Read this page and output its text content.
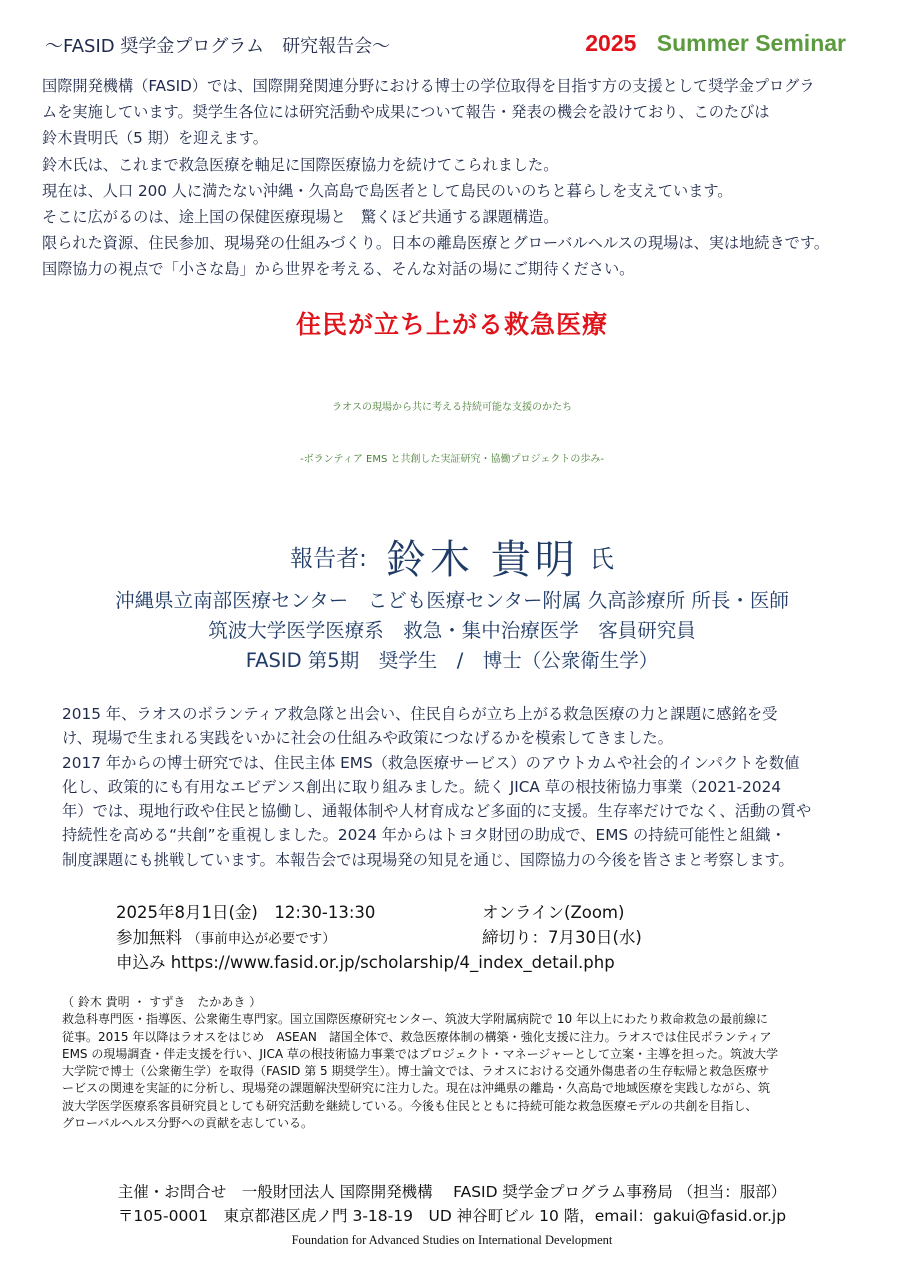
～FASID 奨学金プログラム　研究報告会～	2025 Summer Seminar

国際開発機構（FASID）では、国際開発関連分野における博士の学位取得を目指す方の支援として奨学金プログラ

ムを実施しています。奨学生各位には研究活動や成果について報告・発表の機会を設けており、このたびは

鈴木貴明氏（5 期）を迎えます。

鈴木氏は、これまで救急医療を軸足に国際医療協力を続けてこられました。

現在は、人口 200 人に満たない沖縄・久高島で島医者として島民のいのちと暮らしを支えています。

そこに広がるのは、途上国の保健医療現場と　驚くほど共通する課題構造。

限られた資源、住民参加、現場発の仕組みづくり。日本の離島医療とグローバルヘルスの現場は、実は地続きです。

国際協力の視点で「小さな島」から世界を考える、そんな対話の場にご期待ください。

住民が立ち上がる救急医療
ラオスの現場から共に考える持続可能な支援のかたち
-ボランティア EMS と共創した実証研究・協働プロジェクトの歩み-
報告者: 鈴木 貴明 氏
沖縄県立南部医療センター　こども医療センター附属 久高診療所 所長・医師
筑波大学医学医療系　救急・集中治療医学　客員研究員
FASID 第5期　奨学生　/　博士（公衆衛生学）

2015 年、ラオスのボランティア救急隊と出会い、住民自らが立ち上がる救急医療の力と課題に感銘を受

け、現場で生まれる実践をいかに社会の仕組みや政策につなげるかを模索してきました。

2017 年からの博士研究では、住民主体 EMS（救急医療サービス）のアウトカムや社会的インパクトを数値

化し、政策的にも有用なエビデンス創出に取り組みました。続く JICA 草の根技術協力事業（2021-2024

年）では、現地行政や住民と協働し、通報体制や人材育成など多面的に支援。生存率だけでなく、活動の質や

持続性を高める“共創”を重視しました。2024 年からはトヨタ財団の助成で、EMS の持続可能性と組織・

制度課題にも挑戦しています。本報告会では現場発の知見を通じ、国際協力の今後を皆さまと考察します。

2025年8月1日(金)　12:30-13:30	オンライン(Zoom)
参加無料 （事前申込が必要です）	締切り：7月30日(水)
申込み https://www.fasid.or.jp/scholarship/4_index_detail.php

（ 鈴木 貴明 ・ すずき　たかあき ）

救急科専門医・指導医、公衆衛生専門家。国立国際医療研究センター、筑波大学附属病院で 10 年以上にわたり救命救急の最前線に

従事。2015 年以降はラオスをはじめ　ASEAN　諸国全体で、救急医療体制の構築・強化支援に注力。ラオスでは住民ボランティア

EMS の現場調査・伴走支援を行い、JICA 草の根技術協力事業ではプロジェクト・マネージャーとして立案・主導を担った。筑波大学

大学院で博士（公衆衛生学）を取得（FASID 第 5 期奨学生）。博士論文では、ラオスにおける交通外傷患者の生存転帰と救急医療サ

ービスの関連を実証的に分析し、現場発の課題解決型研究に注力した。現在は沖縄県の離島・久高島で地域医療を実践しながら、筑

波大学医学医療系客員研究員としても研究活動を継続している。今後も住民とともに持続可能な救急医療モデルの共創を目指し、

グローバルヘルス分野への貢献を志している。

主催・お問合せ　一般財団法人 国際開発機構　 FASID 奨学金プログラム事務局 （担当：服部）
〒105-0001　東京都港区虎ノ門 3-18-19　UD 神谷町ビル 10 階，email：gakui@fasid.or.jp
Foundation for Advanced Studies on International Development
